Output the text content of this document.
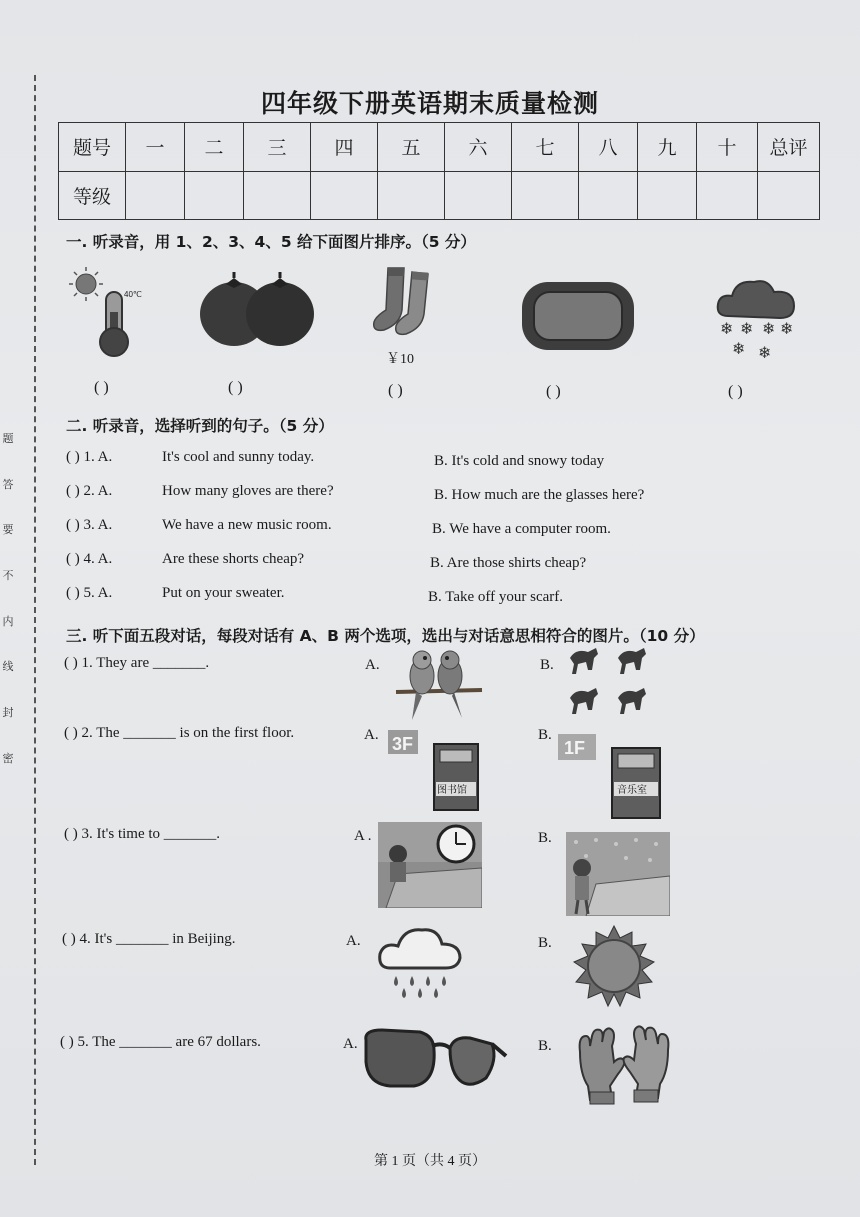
题
答
要
不
内
线
封
密
四年级下册英语期末质量检测
题号	一	二	三	四	五	六	七	八	九	十	总评
等级											
一. 听录音，用 1、2、3、4、5 给下面图片排序。（5 分）
40℃
￥10
❄ ❄ ❄ ❄
❄ ❄
( )	( )	( )	( )	( )
二. 听录音，选择听到的句子。（5 分）
( ) 1. A.	It's cool and sunny today.	B. It's cold and snowy today
( ) 2. A.	How many gloves are there?	B. How much are the glasses here?
( ) 3. A.	We have a new music room.	B. We have a computer room.
( ) 4. A.	Are these shorts cheap?	B. Are those shirts cheap?
( ) 5. A.	Put on your sweater.	B. Take off your scarf.
三. 听下面五段对话，每段对话有 A、B 两个选项，选出与对话意思相符合的图片。（10 分）
( ) 1. They are _______.	A.	B.
( ) 2. The _______ is on the first floor.	A. 3F
图书馆
B.
1F
音乐室
( ) 3. It's time to _______.	A .	B.
( ) 4. It's _______ in Beijing.	A.	B.
( ) 5. The _______ are 67 dollars.	A.	B.
第 1 页（共 4 页）
